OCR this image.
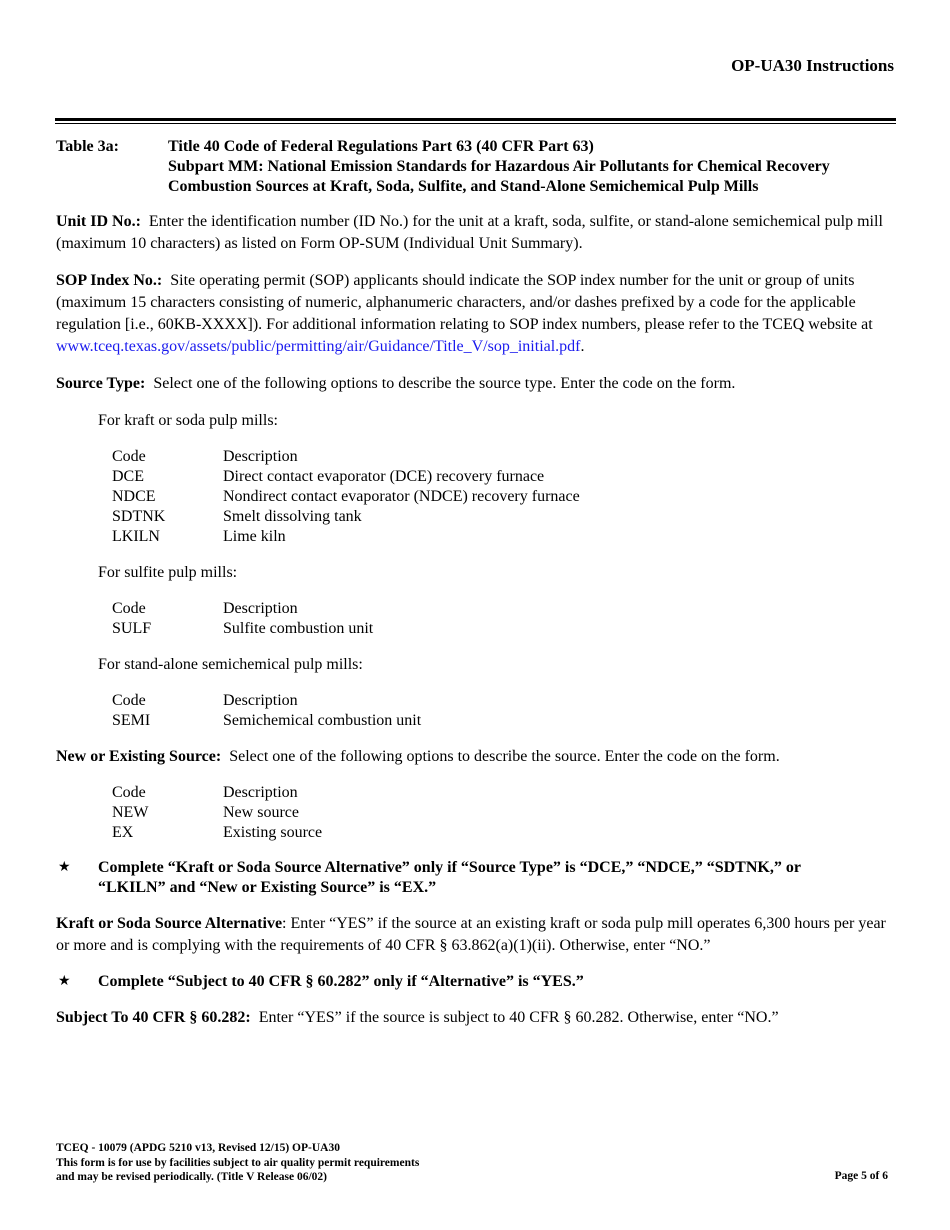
OP-UA30 Instructions
Table 3a:	Title 40 Code of Federal Regulations Part 63 (40 CFR Part 63)
Subpart MM: National Emission Standards for Hazardous Air Pollutants for Chemical Recovery
Combustion Sources at Kraft, Soda, Sulfite, and Stand-Alone Semichemical Pulp Mills

Unit ID No.: Enter the identification number (ID No.) for the unit at a kraft, soda, sulfite, or stand-alone semichemical pulp mill (maximum 10 characters) as listed on Form OP-SUM (Individual Unit Summary).

SOP Index No.: Site operating permit (SOP) applicants should indicate the SOP index number for the unit or group of units (maximum 15 characters consisting of numeric, alphanumeric characters, and/or dashes prefixed by a code for the applicable regulation [i.e., 60KB-XXXX]). For additional information relating to SOP index numbers, please refer to the TCEQ website at www.tceq.texas.gov/assets/public/permitting/air/Guidance/Title_V/sop_initial.pdf.

Source Type: Select one of the following options to describe the source type. Enter the code on the form.

For kraft or soda pulp mills:
Code	Description
DCE	Direct contact evaporator (DCE) recovery furnace
NDCE	Nondirect contact evaporator (NDCE) recovery furnace
SDTNK	Smelt dissolving tank
LKILN	Lime kiln
For sulfite pulp mills:
Code	Description
SULF	Sulfite combustion unit
For stand-alone semichemical pulp mills:
Code	Description
SEMI	Semichemical combustion unit

New or Existing Source: Select one of the following options to describe the source. Enter the code on the form.

Code	Description
NEW	New source
EX	Existing source
★	Complete “Kraft or Soda Source Alternative” only if “Source Type” is “DCE,” “NDCE,” “SDTNK,” or
“LKILN” and “New or Existing Source” is “EX.”

Kraft or Soda Source Alternative: Enter “YES” if the source at an existing kraft or soda pulp mill operates 6,300 hours per year or more and is complying with the requirements of 40 CFR § 63.862(a)(1)(ii). Otherwise, enter “NO.”

★	Complete “Subject to 40 CFR § 60.282” only if “Alternative” is “YES.”

Subject To 40 CFR § 60.282: Enter “YES” if the source is subject to 40 CFR § 60.282. Otherwise, enter “NO.”

TCEQ - 10079 (APDG 5210 v13, Revised 12/15) OP-UA30
This form is for use by facilities subject to air quality permit requirements
and may be revised periodically. (Title V Release 06/02)	Page 5 of 6
